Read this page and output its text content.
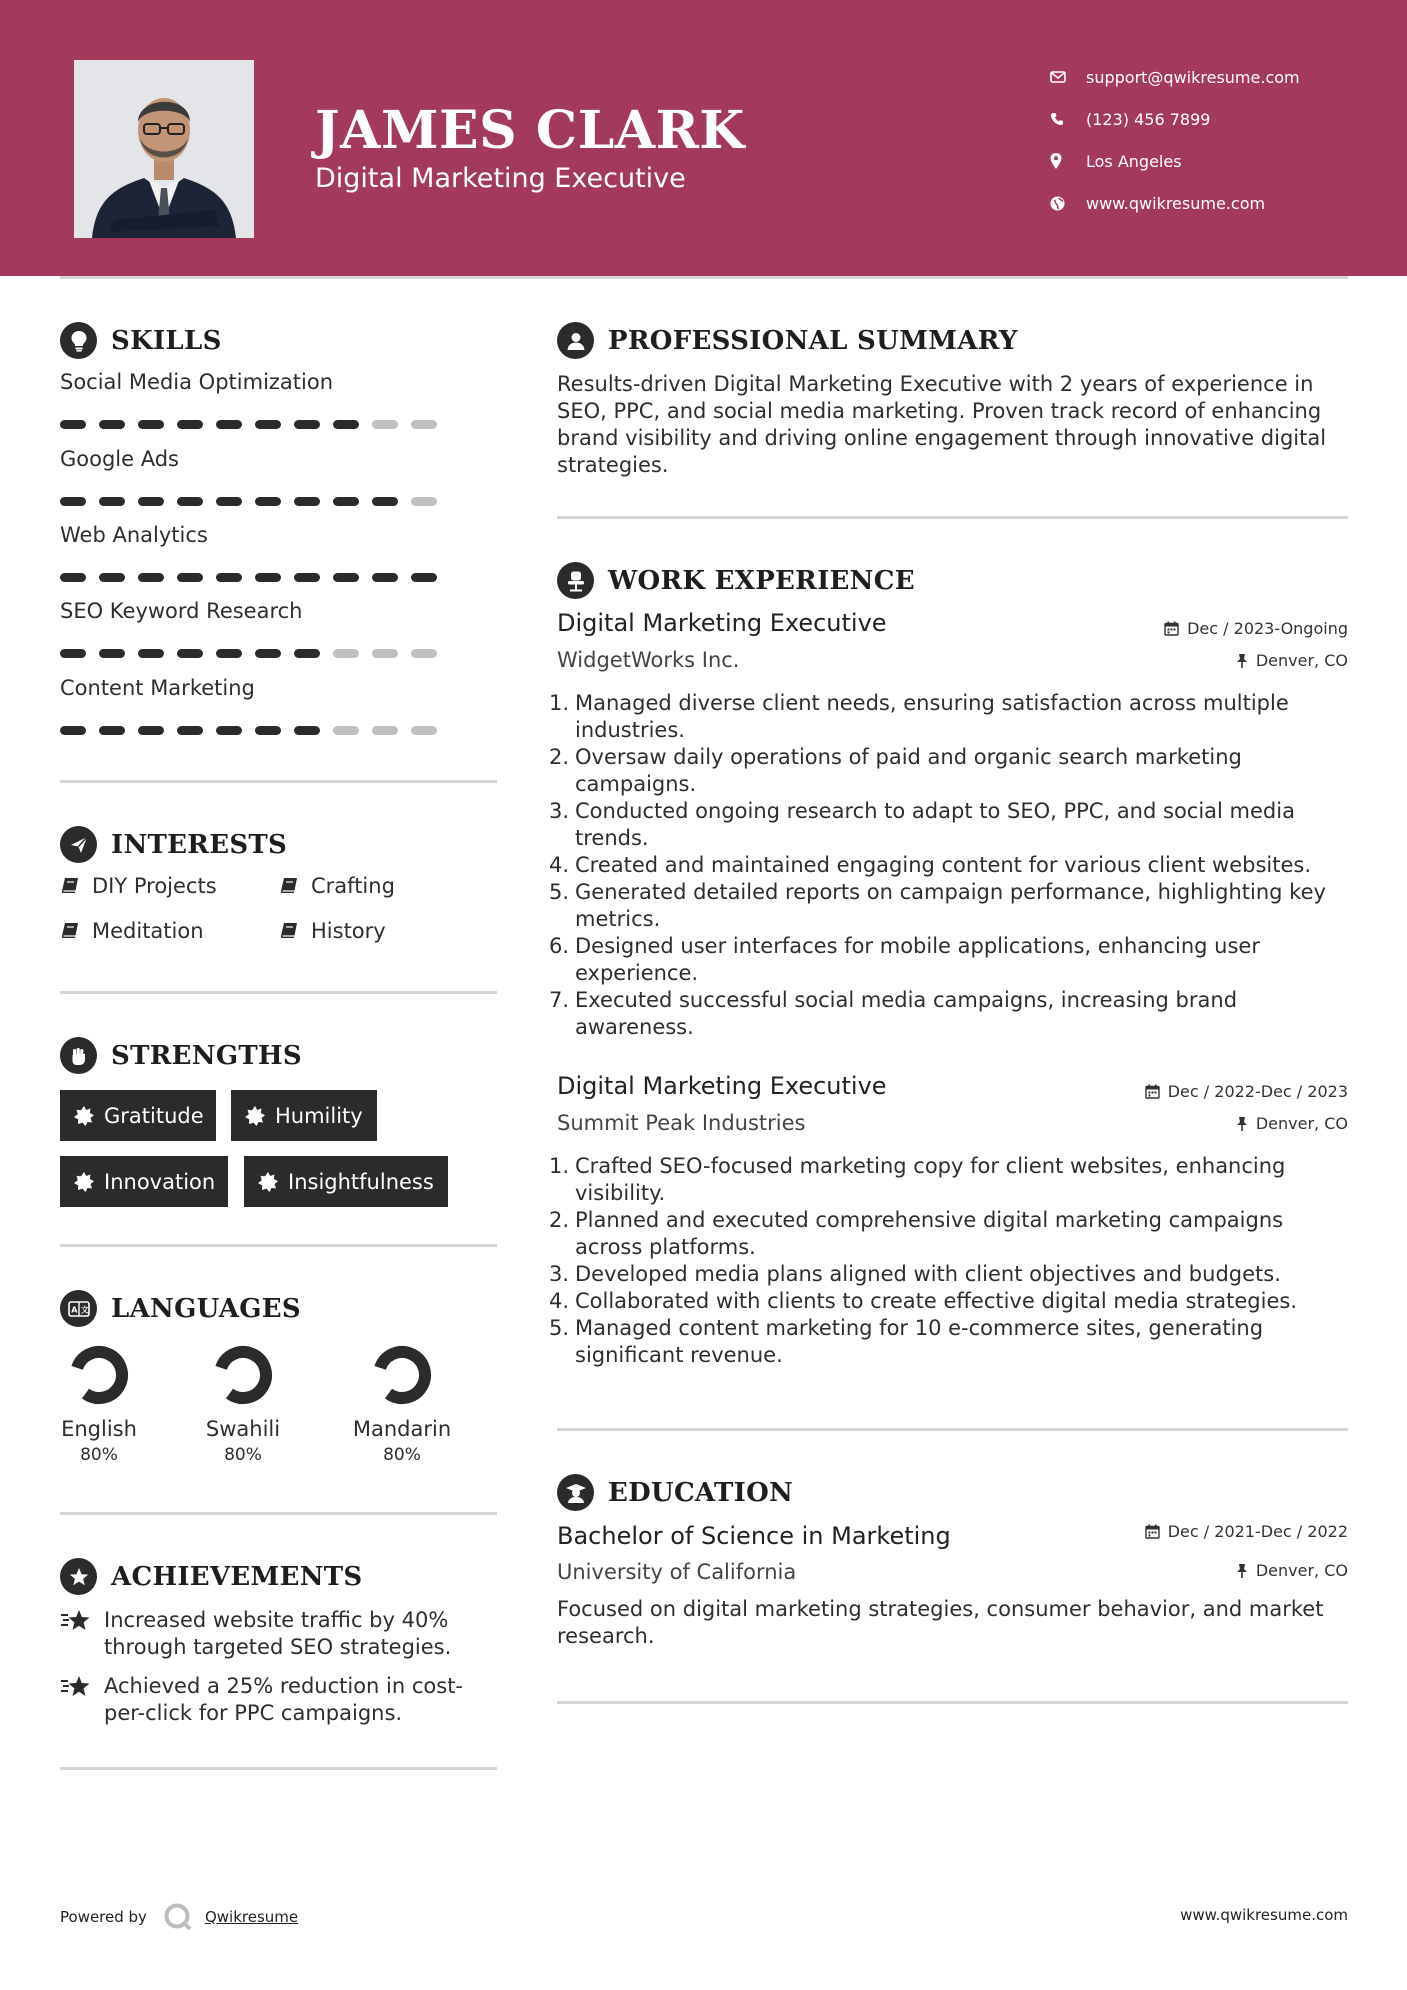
JAMES CLARK
Digital Marketing Executive
support@qwikresume.com
(123) 456 7899
Los Angeles
www.qwikresume.com
SKILLS
Social Media Optimization
Google Ads
Web Analytics
SEO Keyword Research
Content Marketing
INTERESTS
DIY Projects	Crafting
Meditation	History
STRENGTHS
Gratitude	Humility
Innovation	Insightfulness
A 文 LANGUAGES
English
80%
Swahili
80%
Mandarin
80%
ACHIEVEMENTS
Increased website traffic by 40% through targeted SEO strategies.
Achieved a 25% reduction in cost-per-click for PPC campaigns.
PROFESSIONAL SUMMARY

Results-driven Digital Marketing Executive with 2 years of experience in SEO, PPC, and social media marketing. Proven track record of enhancing brand visibility and driving online engagement through innovative digital strategies.

WORK EXPERIENCE
Digital Marketing Executive	Dec / 2023-Ongoing
WidgetWorks Inc.	Denver, CO
1. Managed diverse client needs, ensuring satisfaction across multiple industries.
2. Oversaw daily operations of paid and organic search marketing campaigns.
3. Conducted ongoing research to adapt to SEO, PPC, and social media trends.
4. Created and maintained engaging content for various client websites.
5. Generated detailed reports on campaign performance, highlighting key metrics.
6. Designed user interfaces for mobile applications, enhancing user experience.
7. Executed successful social media campaigns, increasing brand awareness.
Digital Marketing Executive	Dec / 2022-Dec / 2023
Summit Peak Industries	Denver, CO
1. Crafted SEO-focused marketing copy for client websites, enhancing visibility.
2. Planned and executed comprehensive digital marketing campaigns across platforms.
3. Developed media plans aligned with client objectives and budgets.
4. Collaborated with clients to create effective digital media strategies.
5. Managed content marketing for 10 e-commerce sites, generating significant revenue.
EDUCATION
Bachelor of Science in Marketing	Dec / 2021-Dec / 2022
University of California	Denver, CO

Focused on digital marketing strategies, consumer behavior, and market research.

Powered by	Qwikresume	www.qwikresume.com
